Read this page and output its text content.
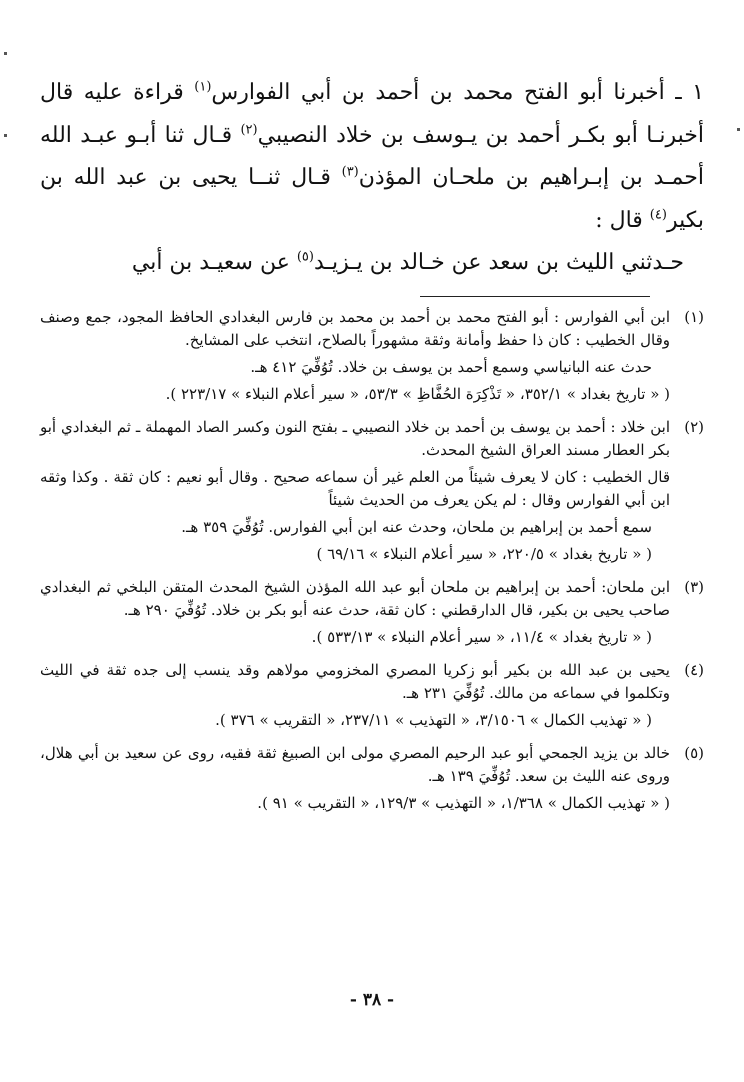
١ ـ أخبرنا أبو الفتح محمد بن أحمد بن أبي الفوارس$^{(١)}$ قراءة عليه قال أخبرنـا أبو بكـر أحمد بن يـوسف بن خلاد النصيبي$^{(٢)}$ قـال ثنا أبـو عبـد الله أحمـد بن إبـراهيم بن ملحـان المؤذن$^{(٣)}$ قـال ثنــا يحيى بن عبد الله بن بكير$^{(٤)}$ قال :

حـدثني الليث بن سعد عن خـالد بن يـزيـد$^{(٥)}$ عن سعيـد بن أبي

(١)

ابن أبي الفوارس : أبو الفتح محمد بن أحمد بن محمد بن فارس البغدادي الحافظ المجود، جمع وصنف وقال الخطيب : كان ذا حفظ وأمانة وثقة مشهوراً بالصلاح، انتخب على المشايخ.

حدث عنه البانياسي وسمع أحمد بن يوسف بن خلاد. تُوُفِّيَ ٤١٢ هـ.

( « تاريخ بغداد » ٣٥٢/١، « تَذْكِرَة الحُفَّاظِ » ٥٣/٣، « سير أعلام النبلاء » ٢٢٣/١٧ ).

(٢)

ابن خلاد : أحمد بن يوسف بن أحمد بن خلاد النصيبي ـ بفتح النون وكسر الصاد المهملة ـ ثم البغدادي أبو بكر العطار مسند العراق الشيخ المحدث.

قال الخطيب : كان لا يعرف شيئاً من العلم غير أن سماعه صحيح . وقال أبو نعيم : كان ثقة . وكذا وثقه ابن أبي الفوارس وقال : لم يكن يعرف من الحديث شيئاً

سمع أحمد بن إبراهيم بن ملحان، وحدث عنه ابن أبي الفوارس. تُوُفِّيَ ٣٥٩ هـ.

( « تاريخ بغداد » ٢٢٠/٥، « سير أعلام النبلاء » ٦٩/١٦ )

(٣)

ابن ملحان: أحمد بن إبراهيم بن ملحان أبو عبد الله المؤذن الشيخ المحدث المتقن البلخي ثم البغدادي صاحب يحيى بن بكير، قال الدارقطني : كان ثقة، حدث عنه أبو بكر بن خلاد. تُوُفِّيَ ٢٩٠ هـ.

( « تاريخ بغداد » ١١/٤، « سير أعلام النبلاء » ٥٣٣/١٣ ).

(٤)

يحيى بن عبد الله بن بكير أبو زكريا المصري المخزومي مولاهم وقد ينسب إلى جده ثقة في الليث وتكلموا في سماعه من مالك. تُوُفِّيَ ٢٣١ هـ.

( « تهذيب الكمال » ٣/١٥٠٦، « التهذيب » ٢٣٧/١١، « التقريب » ٣٧٦ ).

(٥)

خالد بن يزيد الجمحي أبو عبد الرحيم المصري مولى ابن الصبيغ ثقة فقيه، روى عن سعيد بن أبي هلال، وروى عنه الليث بن سعد. تُوُفِّيَ ١٣٩ هـ.

( « تهذيب الكمال » ١/٣٦٨، « التهذيب » ١٢٩/٣، « التقريب » ٩١ ).

- ٣٨ -
